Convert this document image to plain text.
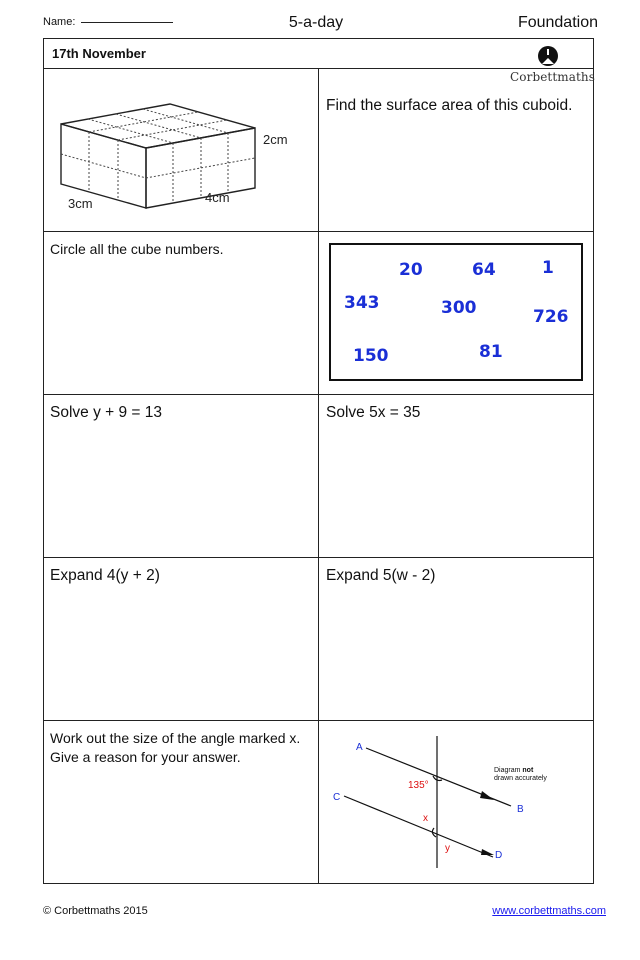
Name:	5-a-day	Foundation
17th November
Corbettmaths
2cm
4cm
3cm
Find the surface area of this cuboid.
Circle all the cube numbers.
20	64	1
343	300	726
150	81
Solve y + 9 = 13	Solve 5x = 35
Expand 4(y + 2)	Expand 5(w - 2)
Work out the size of the angle marked x.
Give a reason for your answer.
A
B
C
D
135°
x
y
Diagram not
drawn accurately
© Corbettmaths 2015	www.corbettmaths.com
